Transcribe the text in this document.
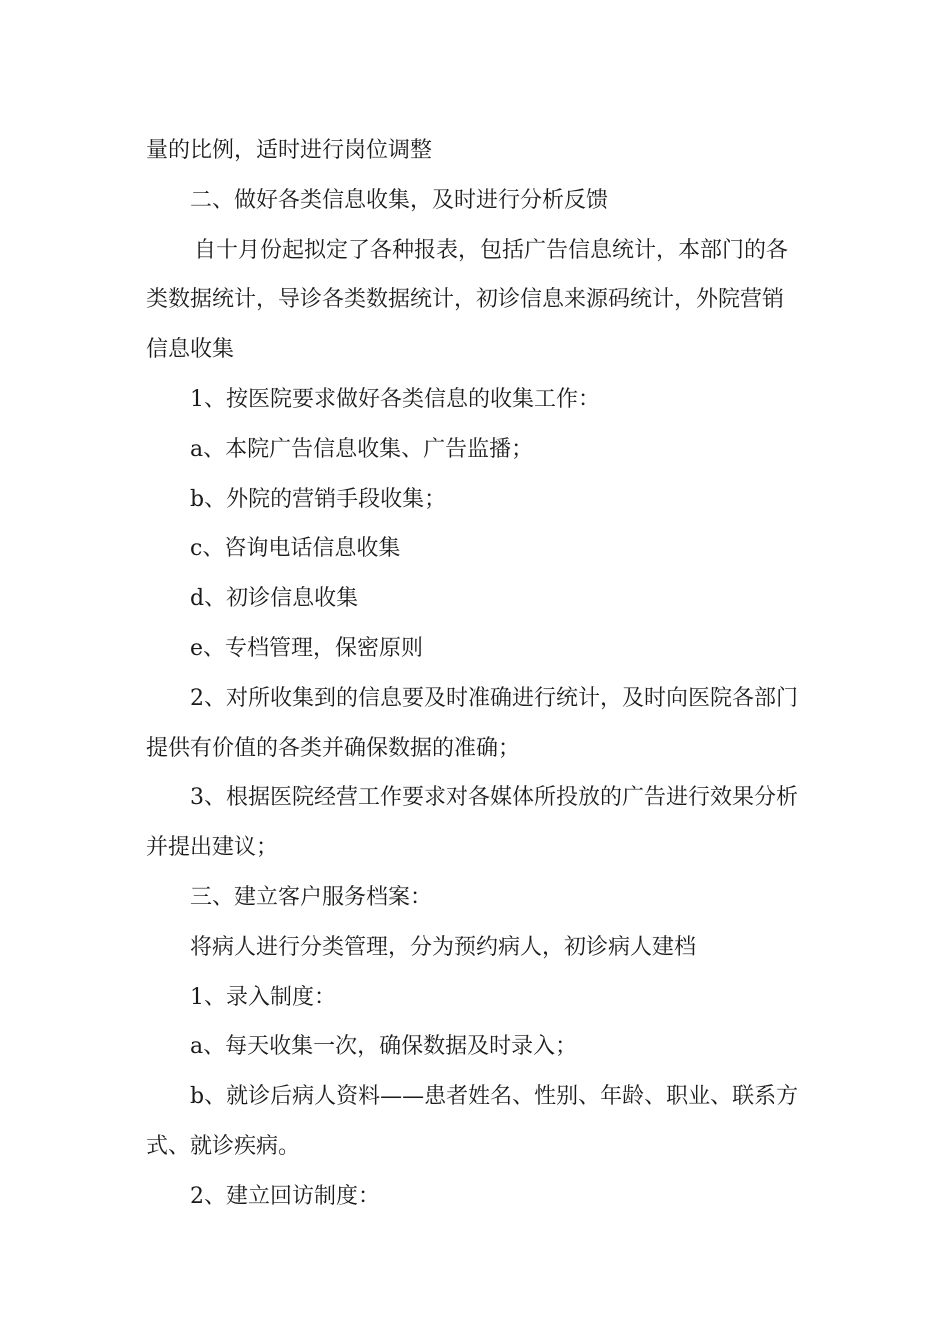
量的比例，适时进行岗位调整
二、做好各类信息收集，及时进行分析反馈
自十月份起拟定了各种报表，包括广告信息统计，本部门的各
类数据统计，导诊各类数据统计，初诊信息来源码统计，外院营销
信息收集
1、按医院要求做好各类信息的收集工作：
a、本院广告信息收集、广告监播；
b、外院的营销手段收集；
c、咨询电话信息收集
d、初诊信息收集
e、专档管理，保密原则
2、对所收集到的信息要及时准确进行统计，及时向医院各部门
提供有价值的各类并确保数据的准确；
3、根据医院经营工作要求对各媒体所投放的广告进行效果分析
并提出建议；
三、建立客户服务档案：
将病人进行分类管理，分为预约病人，初诊病人建档
1、录入制度：
a、每天收集一次，确保数据及时录入；
b、就诊后病人资料——患者姓名、性别、年龄、职业、联系方
式、就诊疾病。
2、建立回访制度：
